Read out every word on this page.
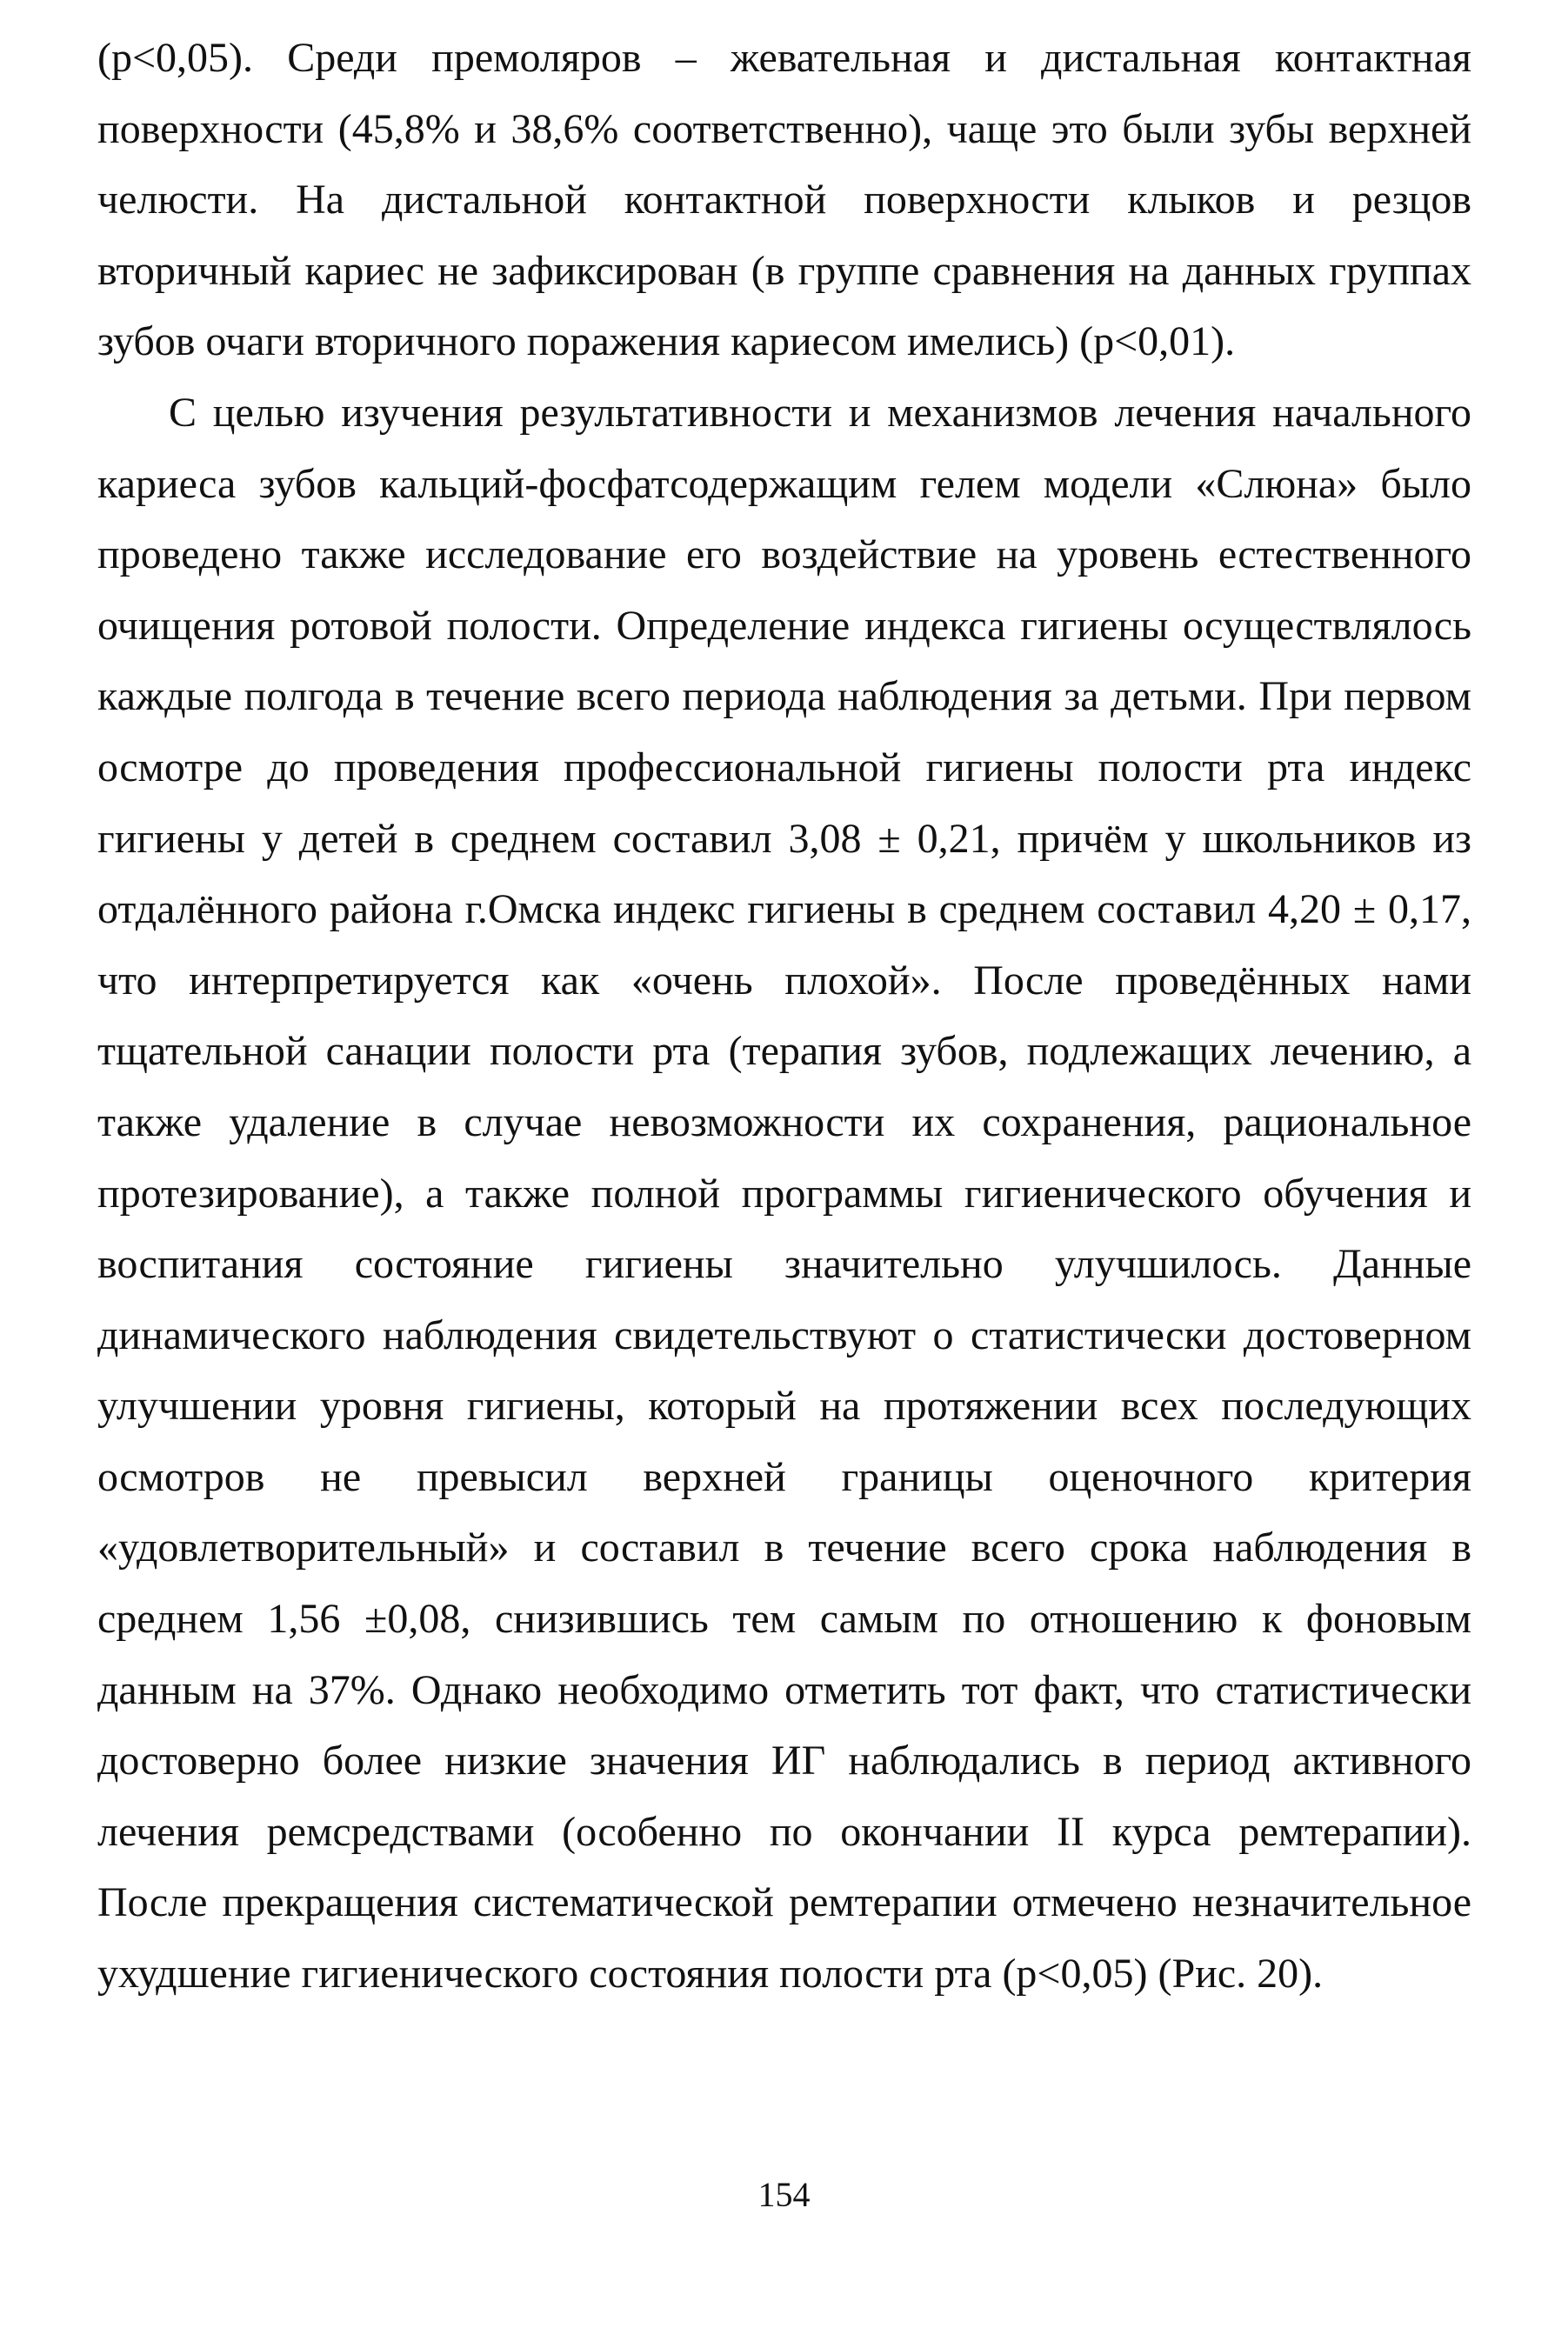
(p<0,05). Среди премоляров – жевательная и дистальная контактная поверхности (45,8% и 38,6% соответственно), чаще это были зубы верхней челюсти. На дистальной контактной поверхности клыков и резцов вторичный кариес не зафиксирован (в группе сравнения на данных группах зубов очаги вторичного поражения кариесом имелись) (p<0,01).

С целью изучения результативности и механизмов лечения начального кариеса зубов кальций-фосфатсодержащим гелем модели «Слюна» было проведено также исследование его воздействие на уровень естественного очищения ротовой полости. Определение индекса гигиены осуществлялось каждые полгода в течение всего периода наблюдения за детьми. При первом осмотре до проведения профессиональной гигиены полости рта индекс гигиены у детей в среднем составил 3,08 ± 0,21, причём у школьников из отдалённого района г.Омска индекс гигиены в среднем составил 4,20 ± 0,17, что интерпретируется как «очень плохой». После проведённых нами тщательной санации полости рта (терапия зубов, подлежащих лечению, а также удаление в случае невозможности их сохранения, рациональное протезирование), а также полной программы гигиенического обучения и воспитания состояние гигиены значительно улучшилось. Данные динамического наблюдения свидетельствуют о статистически достоверном улучшении уровня гигиены, который на протяжении всех последующих осмотров не превысил верхней границы оценочного критерия «удовлетворительный» и составил в течение всего срока наблюдения в среднем 1,56 ±0,08, снизившись тем самым по отношению к фоновым данным на 37%. Однако необходимо отметить тот факт, что статистически достоверно более низкие значения ИГ наблюдались в период активного лечения ремсредствами (особенно по окончании II курса ремтерапии). После прекращения систематической ремтерапии отмечено незначительное ухудшение гигиенического состояния полости рта (p<0,05) (Рис. 20).

154
